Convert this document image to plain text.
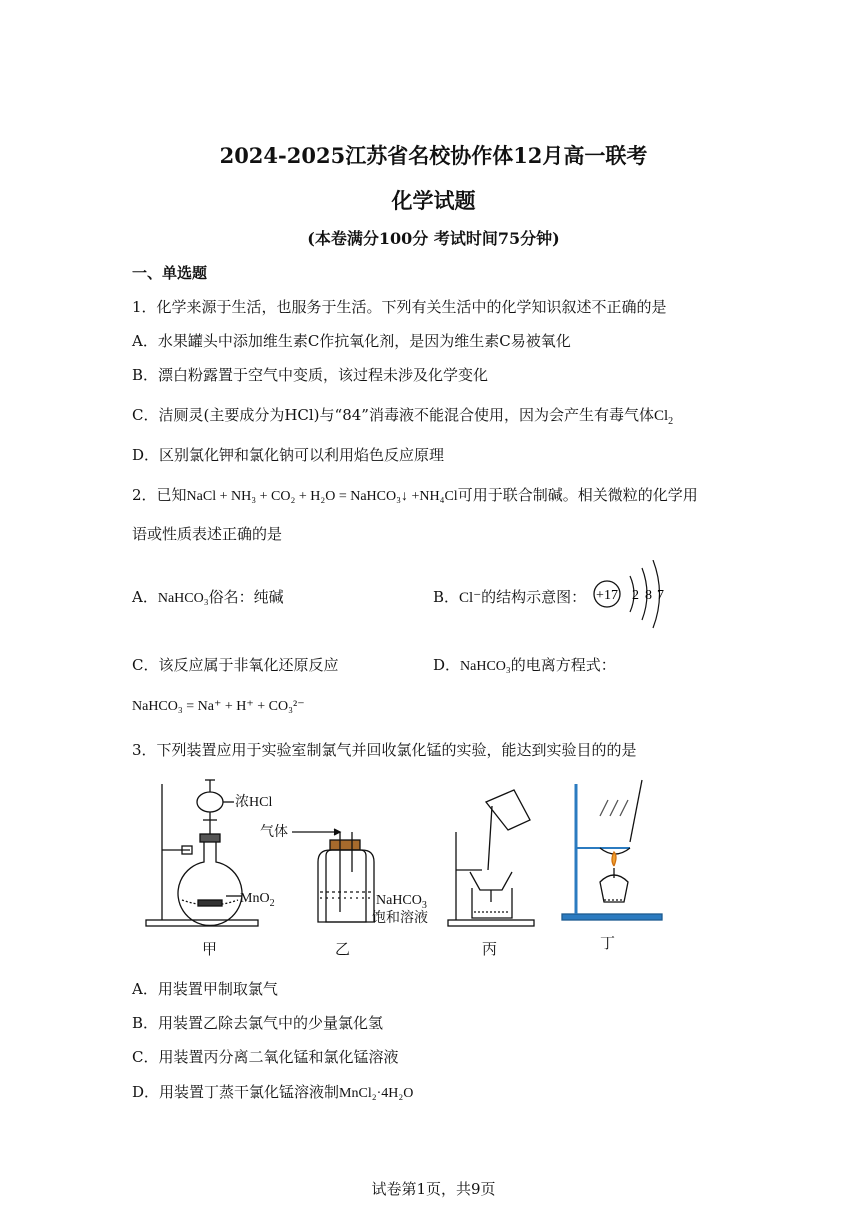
2024-2025江苏省名校协作体12月高一联考
化学试题
(本卷满分100分 考试时间75分钟)
一、单选题
1．化学来源于生活，也服务于生活。下列有关生活中的化学知识叙述不正确的是
A．水果罐头中添加维生素C作抗氧化剂，是因为维生素C易被氧化
B．漂白粉露置于空气中变质，该过程未涉及化学变化
C．洁厕灵(主要成分为HCl)与“84”消毒液不能混合使用，因为会产生有毒气体$Cl_2$
D．区别氯化钾和氯化钠可以利用焰色反应原理
2．已知NaCl + NH₃ + CO₂ + H₂O = NaHCO₃↓ +NH₄Cl可用于联合制碱。相关微粒的化学用
语或性质表述正确的是
A．NaHCO₃俗名：纯碱	B．Cl⁻的结构示意图： +17 2 8 7
C．该反应属于非氧化还原反应	D．NaHCO₃的电离方程式：
NaHCO₃ = Na⁺ + H⁺ + CO₃²⁻
3．下列装置应用于实验室制氯气并回收氯化锰的实验，能达到实验目的的是
浓HCl
MnO$_2$
甲
气体
NaHCO$_3$
饱和溶液
乙	丙	丁
A．用装置甲制取氯气
B．用装置乙除去氯气中的少量氯化氢
C．用装置丙分离二氧化锰和氯化锰溶液
D．用装置丁蒸干氯化锰溶液制MnCl₂·4H₂O
试卷第1页，共9页
